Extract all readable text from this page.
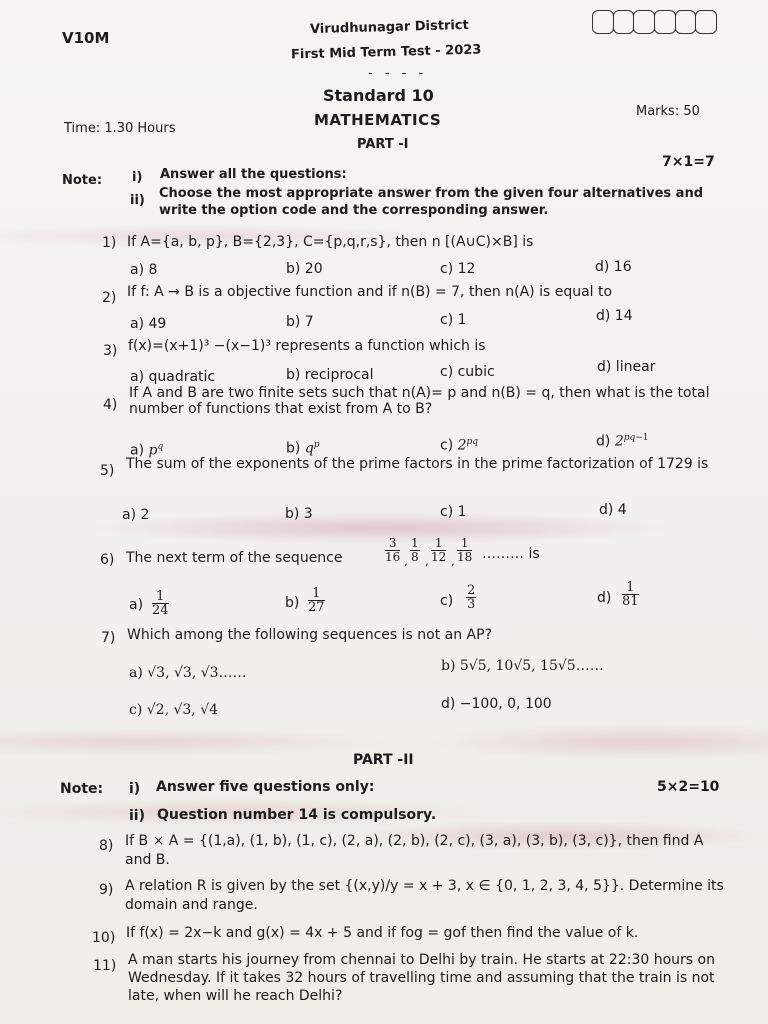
V10M
Virudhunagar District
First Mid Term Test - 2023
- - - -
Standard 10
MATHEMATICS
Time: 1.30 Hours
Marks: 50
PART -I
Note:
7×1=7
i) Answer all the questions:
ii) Choose the most appropriate answer from the given four alternatives and write the option code and the corresponding answer.
1) If A={a, b, p}, B={2,3}, C={p,q,r,s}, then n [(A∪C)×B] is
a) 8	b) 20	c) 12	d) 16
2) If f: A → B is a objective function and if n(B) = 7, then n(A) is equal to
a) 49	b) 7	c) 1	d) 14
3) f(x)=(x+1)³ −(x−1)³ represents a function which is
a) quadratic	b) reciprocal	c) cubic	d) linear
4)
If A and B are two finite sets such that n(A)= p and n(B) = q, then what is the total number of functions that exist from A to B?
a) $p^q$	b) $q^p$	c) $2^{pq}$	d) $2^{pq-1}$
5) The sum of the exponents of the prime factors in the prime factorization of 1729 is
a) 2	b) 3	c) 1	d) 4
6) The next term of the sequence	$\frac{3}{16}$ , $\frac{1}{8}$ , $\frac{1}{12}$ , $\frac{1}{18}$ ……… is
$a) \frac{1}{24}$	$b) \frac{1}{27}$	$c) \frac{2}{3}$	$d) \frac{1}{81}$
7) Which among the following sequences is not an AP?
a) √3, √3, √3……	b) 5√5, 10√5, 15√5……
c) √2, √3, √4	d) −100, 0, 100
PART -II
Note: i) Answer five questions only:	5×2=10
ii) Question number 14 is compulsory.
8) If B × A = {(1,a), (1, b), (1, c), (2, a), (2, b), (2, c), (3, a), (3, b), (3, c)}, then find A and B.
9) A relation R is given by the set {(x,y)/y = x + 3, x ∈ {0, 1, 2, 3, 4, 5}}. Determine its domain and range.
10) If f(x) = 2x−k and g(x) = 4x + 5 and if fog = gof then find the value of k.
11) A man starts his journey from chennai to Delhi by train. He starts at 22:30 hours on Wednesday. If it takes 32 hours of travelling time and assuming that the train is not late, when will he reach Delhi?
